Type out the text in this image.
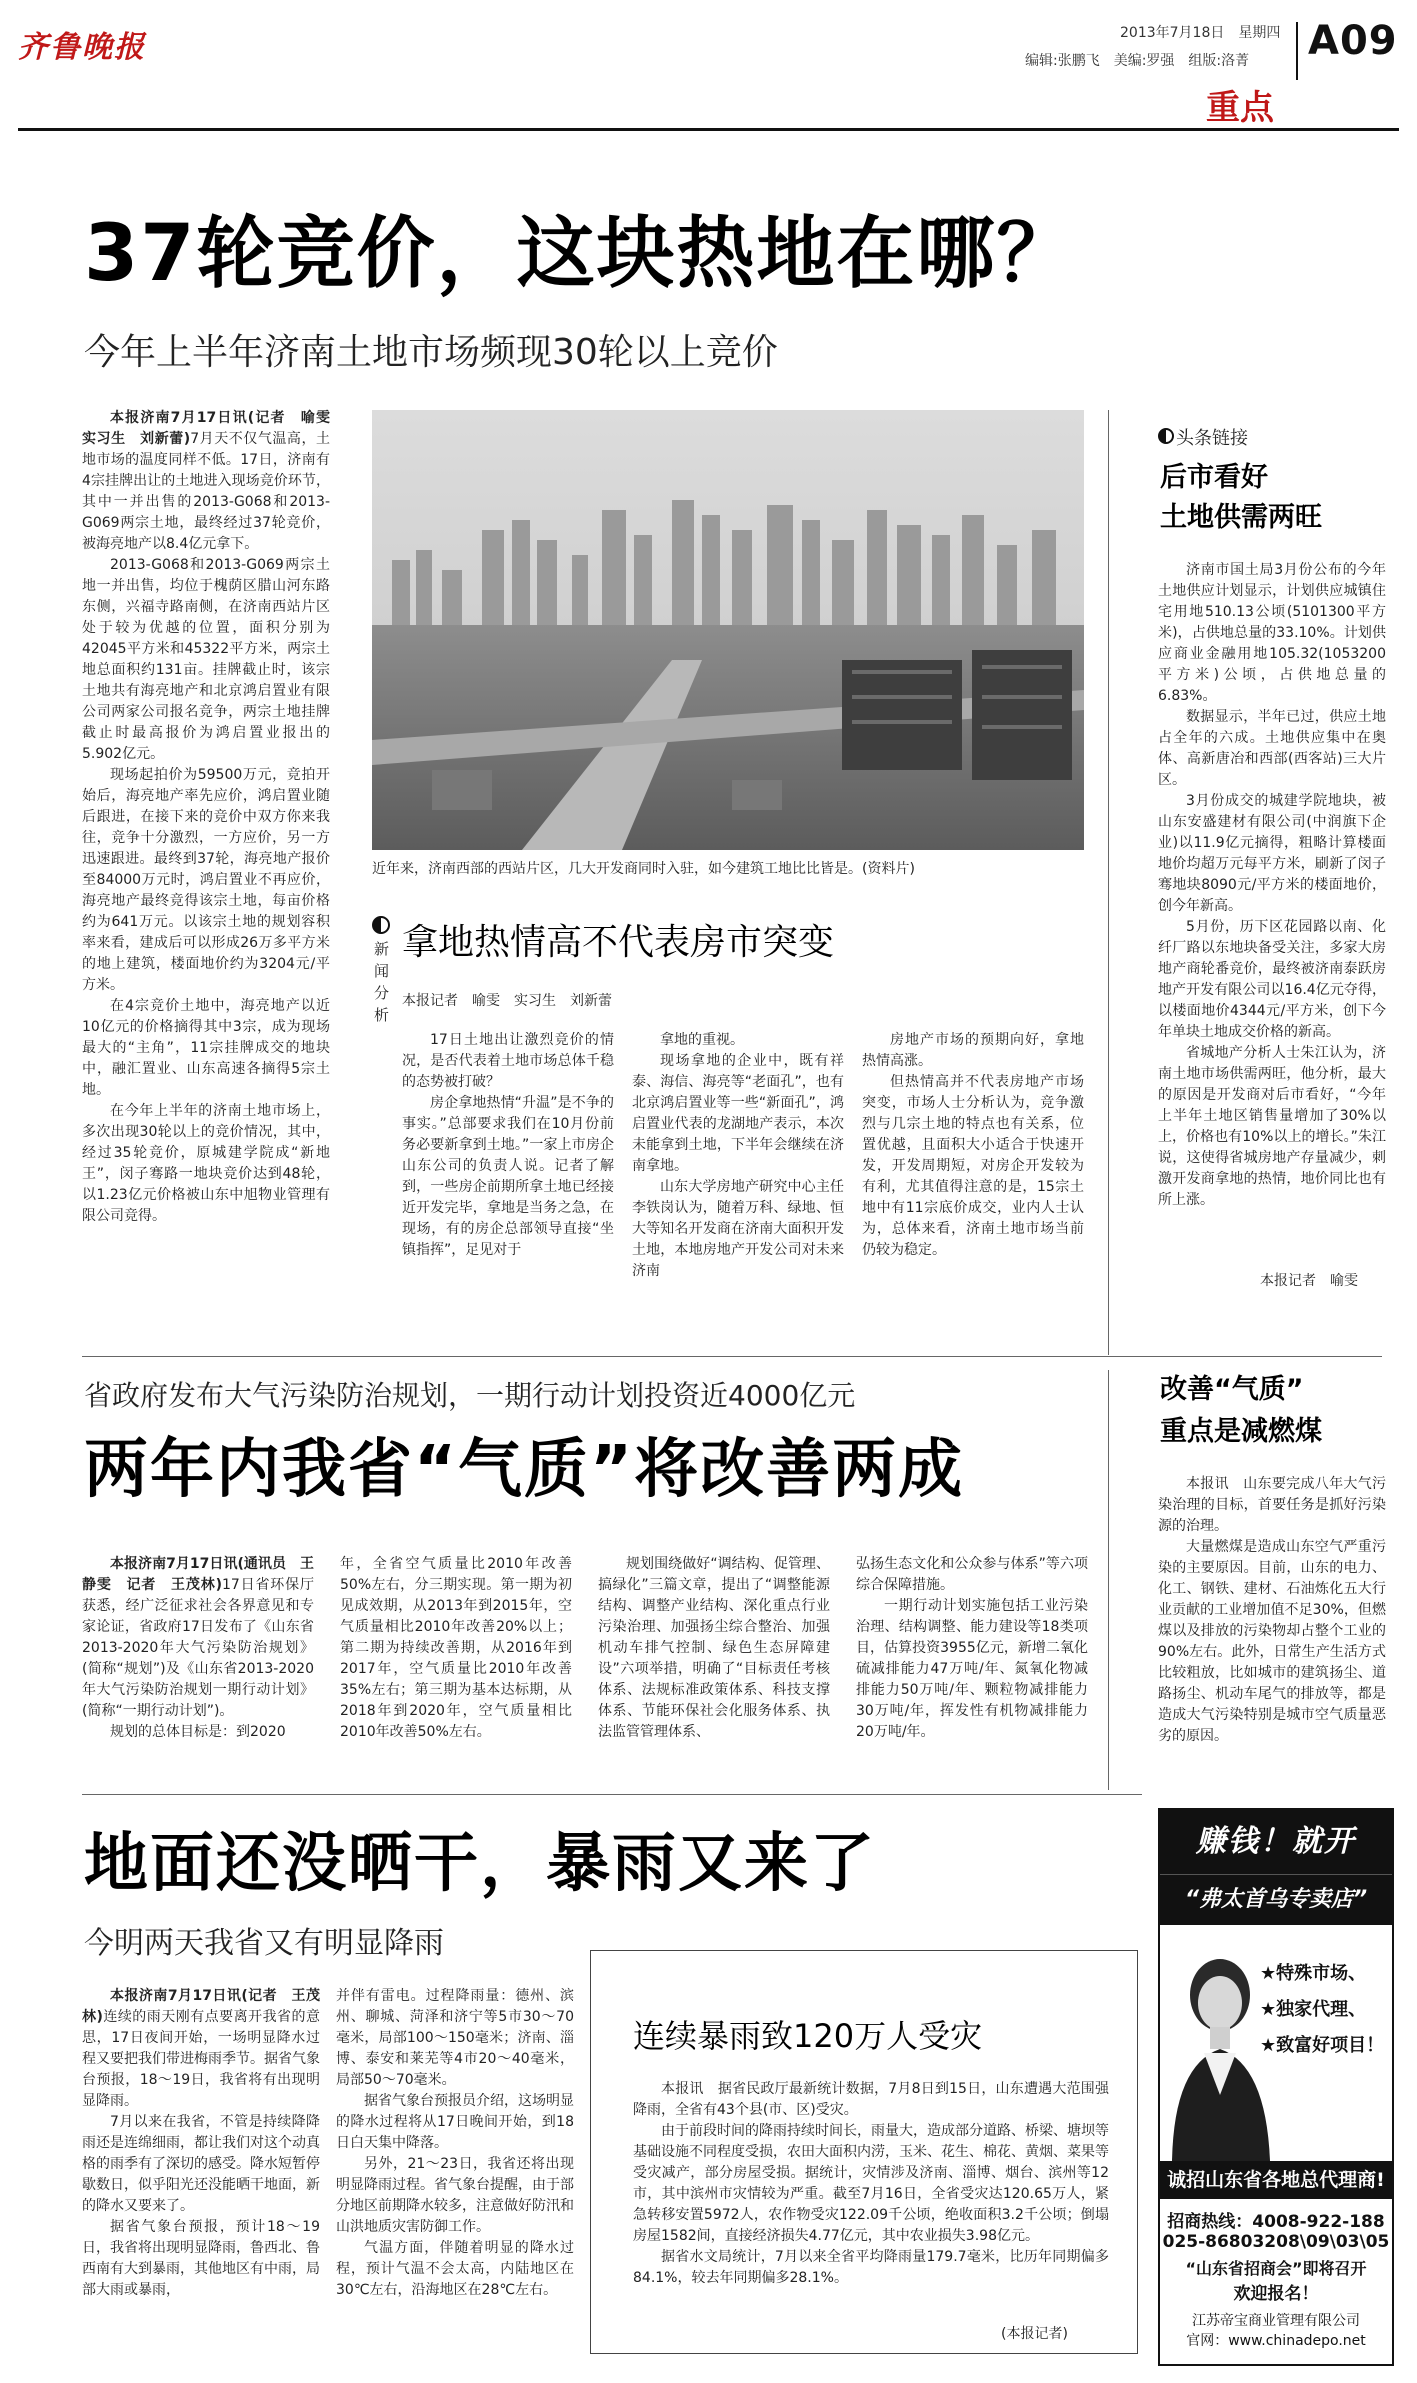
齐鲁晚报	2013年7月18日　星期四
编辑:张鹏飞　美编:罗强　组版:洛菁 A09
重点
37轮竞价，这块热地在哪？
今年上半年济南土地市场频现30轮以上竞价

本报济南7月17日讯(记者　喻雯　实习生　刘新蕾)7月天不仅气温高，土地市场的温度同样不低。17日，济南有4宗挂牌出让的土地进入现场竞价环节，其中一并出售的2013-G068和2013-G069两宗土地，最终经过37轮竞价，被海亮地产以8.4亿元拿下。

2013-G068和2013-G069两宗土地一并出售，均位于槐荫区腊山河东路东侧，兴福寺路南侧，在济南西站片区处于较为优越的位置，面积分别为42045平方米和45322平方米，两宗土地总面积约131亩。挂牌截止时，该宗土地共有海亮地产和北京鸿启置业有限公司两家公司报名竞争，两宗土地挂牌截止时最高报价为鸿启置业报出的5.902亿元。

现场起拍价为59500万元，竞拍开始后，海亮地产率先应价，鸿启置业随后跟进，在接下来的竞价中双方你来我往，竞争十分激烈，一方应价，另一方迅速跟进。最终到37轮，海亮地产报价至84000万元时，鸿启置业不再应价，海亮地产最终竞得该宗土地，每亩价格约为641万元。以该宗土地的规划容积率来看，建成后可以形成26万多平方米的地上建筑，楼面地价约为3204元/平方米。

在4宗竞价土地中，海亮地产以近10亿元的价格摘得其中3宗，成为现场最大的“主角”，11宗挂牌成交的地块中，融汇置业、山东高速各摘得5宗土地。

在今年上半年的济南土地市场上，多次出现30轮以上的竞价情况，其中，经过35轮竞价，原城建学院成“新地王”，闵子骞路一地块竞价达到48轮，以1.23亿元价格被山东中旭物业管理有限公司竞得。

近年来，济南西部的西站片区，几大开发商同时入驻，如今建筑工地比比皆是。(资料片)
新闻分析
拿地热情高不代表房市突变
本报记者　喻雯　实习生　刘新蕾

17日土地出让激烈竞价的情况，是否代表着土地市场总体千稳的态势被打破？

房企拿地热情“升温”是不争的事实。”总部要求我们在10月份前务必要新拿到土地。”一家上市房企山东公司的负责人说。记者了解到，一些房企前期所拿土地已经接近开发完毕，拿地是当务之急，在现场，有的房企总部领导直接“坐镇指挥”，足见对于

拿地的重视。

现场拿地的企业中，既有祥泰、海信、海亮等“老面孔”，也有北京鸿启置业等一些“新面孔”，鸿启置业代表的龙湖地产表示，本次未能拿到土地，下半年会继续在济南拿地。

山东大学房地产研究中心主任李铁岗认为，随着万科、绿地、恒大等知名开发商在济南大面积开发土地，本地房地产开发公司对未来济南

房地产市场的预期向好，拿地热情高涨。

但热情高并不代表房地产市场突变，市场人士分析认为，竞争激烈与几宗土地的特点也有关系，位置优越，且面积大小适合于快速开发，开发周期短，对房企开发较为有利，尤其值得注意的是，15宗土地中有11宗底价成交，业内人士认为，总体来看，济南土地市场当前仍较为稳定。

头条链接
后市看好
土地供需两旺

济南市国土局3月份公布的今年土地供应计划显示，计划供应城镇住宅用地510.13公顷(5101300平方米)，占供地总量的33.10%。计划供应商业金融用地105.32(1053200平方米)公顷，占供地总量的6.83%。

数据显示，半年已过，供应土地占全年的六成。土地供应集中在奥体、高新唐冶和西部(西客站)三大片区。

3月份成交的城建学院地块，被山东安盛建材有限公司(中润旗下企业)以11.9亿元摘得，粗略计算楼面地价均超万元每平方米，刷新了闵子骞地块8090元/平方米的楼面地价，创今年新高。

5月份，历下区花园路以南、化纤厂路以东地块备受关注，多家大房地产商轮番竞价，最终被济南泰跃房地产开发有限公司以16.4亿元夺得，以楼面地价4344元/平方米，创下今年单块土地成交价格的新高。

省城地产分析人士朱江认为，济南土地市场供需两旺，他分析，最大的原因是开发商对后市看好，“今年上半年土地区销售量增加了30%以上，价格也有10%以上的增长。”朱江说，这使得省城房地产存量减少，刺激开发商拿地的热情，地价同比也有所上涨。

本报记者　喻雯
省政府发布大气污染防治规划，一期行动计划投资近4000亿元
两年内我省“气质”将改善两成

本报济南7月17日讯(通讯员　王静雯　记者　王茂林)17日省环保厅获悉，经广泛征求社会各界意见和专家论证，省政府17日发布了《山东省2013-2020年大气污染防治规划》(简称“规划”)及《山东省2013-2020年大气污染防治规划一期行动计划》(简称“一期行动计划”)。

规划的总体目标是：到2020

年，全省空气质量比2010年改善50%左右，分三期实现。第一期为初见成效期，从2013年到2015年，空气质量相比2010年改善20%以上；第二期为持续改善期，从2016年到2017年，空气质量比2010年改善35%左右；第三期为基本达标期，从2018年到2020年，空气质量相比2010年改善50%左右。

规划围绕做好“调结构、促管理、搞绿化”三篇文章，提出了“调整能源结构、调整产业结构、深化重点行业污染治理、加强扬尘综合整治、加强机动车排气控制、绿色生态屏障建设”六项举措，明确了“目标责任考核体系、法规标准政策体系、科技支撑体系、节能环保社会化服务体系、执法监管管理体系、

弘扬生态文化和公众参与体系”等六项综合保障措施。

一期行动计划实施包括工业污染治理、结构调整、能力建设等18类项目，估算投资3955亿元，新增二氧化硫减排能力47万吨/年、氮氧化物减排能力50万吨/年、颗粒物减排能力30万吨/年，挥发性有机物减排能力20万吨/年。

改善“气质”
重点是减燃煤

本报讯　山东要完成八年大气污染治理的目标，首要任务是抓好污染源的治理。

大量燃煤是造成山东空气严重污染的主要原因。目前，山东的电力、化工、钢铁、建材、石油炼化五大行业贡献的工业增加值不足30%，但燃煤以及排放的污染物却占整个工业的90%左右。此外，日常生产生活方式比较粗放，比如城市的建筑扬尘、道路扬尘、机动车尾气的排放等，都是造成大气污染特别是城市空气质量恶劣的原因。

赚钱！就开
“弗太首乌专卖店”
★特殊市场、
★独家代理、
★致富好项目！
诚招山东省各地总代理商!
招商热线：4008-922-188
025-86803208\09\03\05
“山东省招商会”即将召开
欢迎报名！
江苏帝宝商业管理有限公司
官网：www.chinadepo.net
地面还没晒干，暴雨又来了
今明两天我省又有明显降雨

本报济南7月17日讯(记者　王茂林)连续的雨天刚有点要离开我省的意思，17日夜间开始，一场明显降水过程又要把我们带进梅雨季节。据省气象台预报，18～19日，我省将有出现明显降雨。

7月以来在我省，不管是持续降降雨还是连绵细雨，都让我们对这个动真格的雨季有了深切的感受。降水短暂停歇数日，似乎阳光还没能晒干地面，新的降水又要来了。

据省气象台预报，预计18～19日，我省将出现明显降雨，鲁西北、鲁西南有大到暴雨，其他地区有中雨，局部大雨或暴雨，

并伴有雷电。过程降雨量：德州、滨州、聊城、菏泽和济宁等5市30～70毫米，局部100～150毫米；济南、淄博、泰安和莱芜等4市20～40毫米，局部50～70毫米。

据省气象台预报员介绍，这场明显的降水过程将从17日晚间开始，到18日白天集中降落。

另外，21～23日，我省还将出现明显降雨过程。省气象台提醒，由于部分地区前期降水较多，注意做好防汛和山洪地质灾害防御工作。

气温方面，伴随着明显的降水过程，预计气温不会太高，内陆地区在30℃左右，沿海地区在28℃左右。

连续暴雨致120万人受灾

本报讯　据省民政厅最新统计数据，7月8日到15日，山东遭遇大范围强降雨，全省有43个县(市、区)受灾。

由于前段时间的降雨持续时间长，雨量大，造成部分道路、桥梁、塘坝等基础设施不同程度受损，农田大面积内涝，玉米、花生、棉花、黄烟、菜果等受灾减产，部分房屋受损。据统计，灾情涉及济南、淄博、烟台、滨州等12市，其中滨州市灾情较为严重。截至7月16日，全省受灾达120.65万人，紧急转移安置5972人，农作物受灾122.09千公顷，绝收面积3.2千公顷；倒塌房屋1582间，直接经济损失4.77亿元，其中农业损失3.98亿元。

据省水文局统计，7月以来全省平均降雨量179.7毫米，比历年同期偏多84.1%，较去年同期偏多28.1%。

(本报记者)
